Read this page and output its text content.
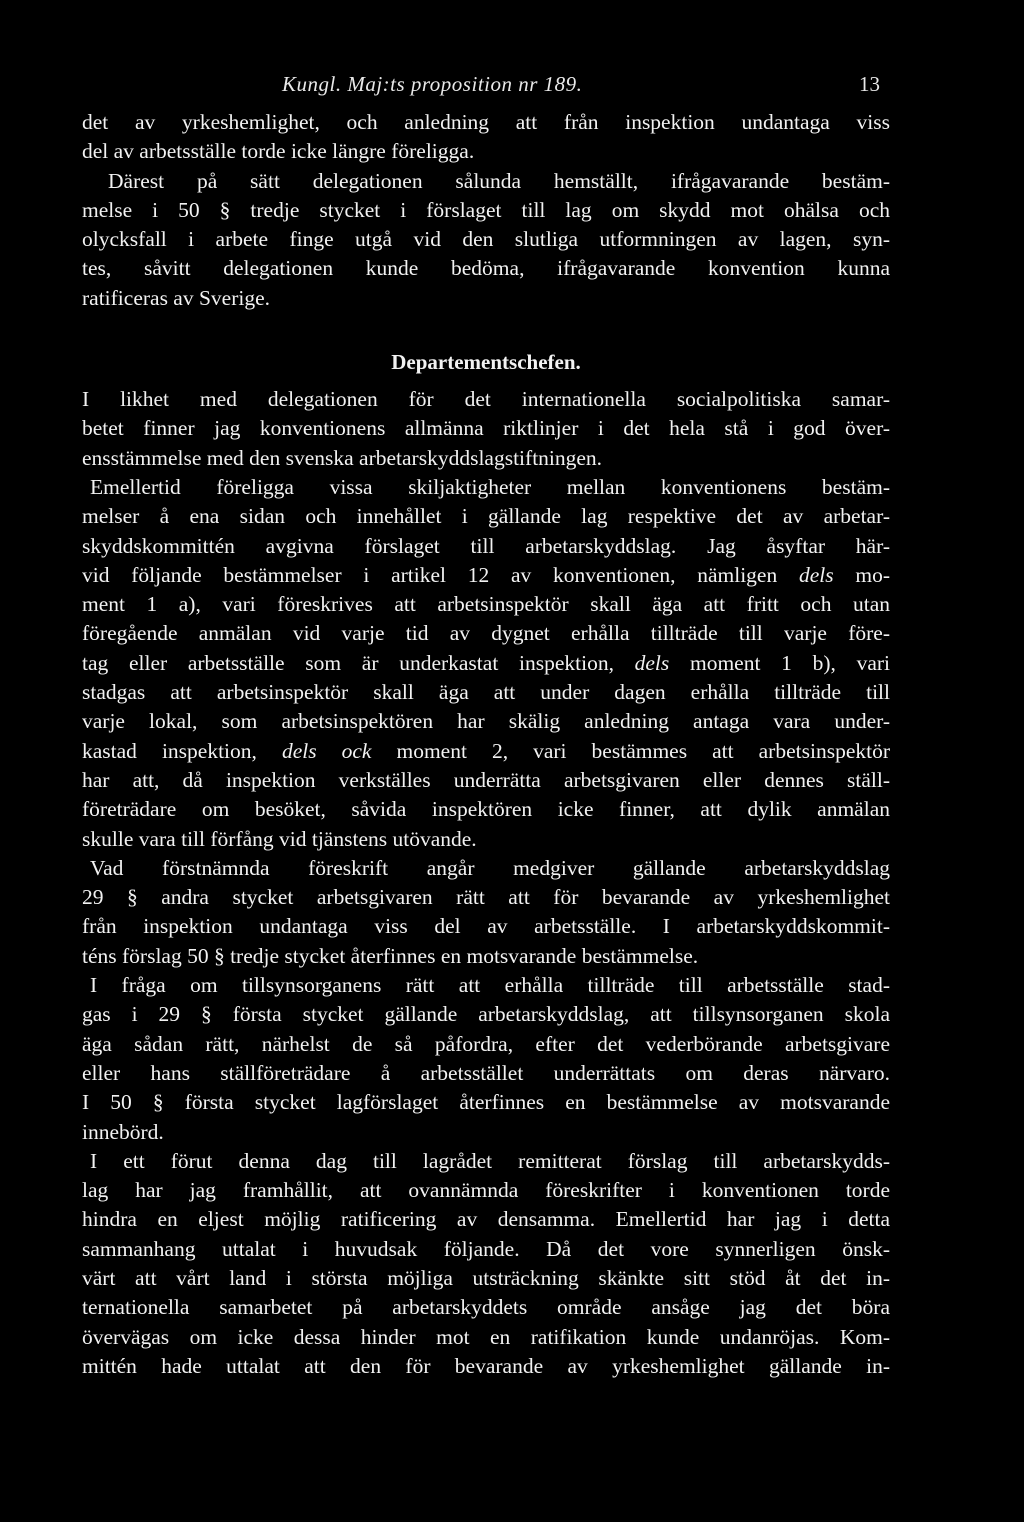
Kungl. Maj:ts proposition nr 189.	13
det av yrkeshemlighet, och anledning att från inspektion undantaga viss
del av arbetsställe torde icke längre föreligga.
Därest på sätt delegationen sålunda hemställt, ifrågavarande bestäm-
melse i 50 § tredje stycket i förslaget till lag om skydd mot ohälsa och
olycksfall i arbete finge utgå vid den slutliga utformningen av lagen, syn-
tes, såvitt delegationen kunde bedöma, ifrågavarande konvention kunna
ratificeras av Sverige.
Departementschefen.
I likhet med delegationen för det internationella socialpolitiska samar-
betet finner jag konventionens allmänna riktlinjer i det hela stå i god över-
ensstämmelse med den svenska arbetarskyddslagstiftningen.
Emellertid föreligga vissa skiljaktigheter mellan konventionens bestäm-
melser å ena sidan och innehållet i gällande lag respektive det av arbetar-
skyddskommittén avgivna förslaget till arbetarskyddslag. Jag åsyftar här-
vid följande bestämmelser i artikel 12 av konventionen, nämligen dels mo-
ment 1 a), vari föreskrives att arbetsinspektör skall äga att fritt och utan
föregående anmälan vid varje tid av dygnet erhålla tillträde till varje före-
tag eller arbetsställe som är underkastat inspektion, dels moment 1 b), vari
stadgas att arbetsinspektör skall äga att under dagen erhålla tillträde till
varje lokal, som arbetsinspektören har skälig anledning antaga vara under-
kastad inspektion, dels ock moment 2, vari bestämmes att arbetsinspektör
har att, då inspektion verkställes underrätta arbetsgivaren eller dennes ställ-
företrädare om besöket, såvida inspektören icke finner, att dylik anmälan
skulle vara till förfång vid tjänstens utövande.
Vad förstnämnda föreskrift angår medgiver gällande arbetarskyddslag
29 § andra stycket arbetsgivaren rätt att för bevarande av yrkeshemlighet
från inspektion undantaga viss del av arbetsställe. I arbetarskyddskommit-
téns förslag 50 § tredje stycket återfinnes en motsvarande bestämmelse.
I fråga om tillsynsorganens rätt att erhålla tillträde till arbetsställe stad-
gas i 29 § första stycket gällande arbetarskyddslag, att tillsynsorganen skola
äga sådan rätt, närhelst de så påfordra, efter det vederbörande arbetsgivare
eller hans ställföreträdare å arbetsstället underrättats om deras närvaro.
I 50 § första stycket lagförslaget återfinnes en bestämmelse av motsvarande
innebörd.
I ett förut denna dag till lagrådet remitterat förslag till arbetarskydds-
lag har jag framhållit, att ovannämnda föreskrifter i konventionen torde
hindra en eljest möjlig ratificering av densamma. Emellertid har jag i detta
sammanhang uttalat i huvudsak följande. Då det vore synnerligen önsk-
värt att vårt land i största möjliga utsträckning skänkte sitt stöd åt det in-
ternationella samarbetet på arbetarskyddets område ansåge jag det böra
övervägas om icke dessa hinder mot en ratifikation kunde undanröjas. Kom-
mittén hade uttalat att den för bevarande av yrkeshemlighet gällande in-
